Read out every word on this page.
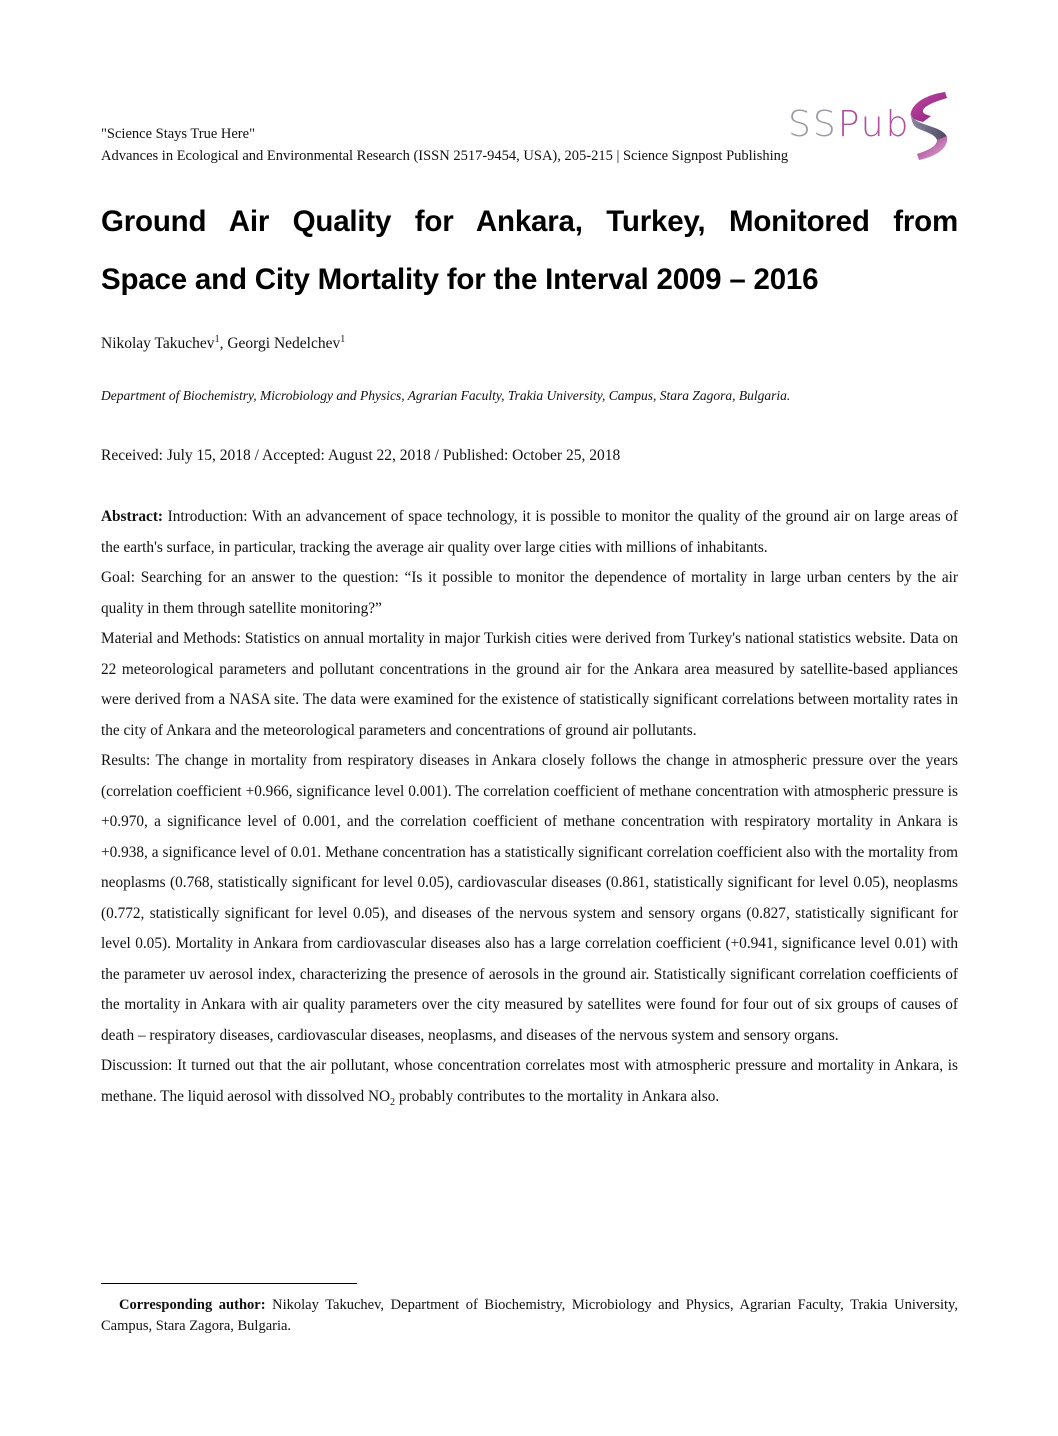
"Science Stays True Here"
Advances in Ecological and Environmental Research (ISSN 2517-9454, USA), 205-215 | Science Signpost Publishing
SSPub
Ground Air Quality for Ankara, Turkey, Monitored from
Space and City Mortality for the Interval 2009 – 2016
Nikolay Takuchev$^1$, Georgi Nedelchev$^1$
Department of Biochemistry, Microbiology and Physics, Agrarian Faculty, Trakia University, Campus, Stara Zagora, Bulgaria.
Received: July 15, 2018 / Accepted: August 22, 2018 / Published: October 25, 2018

Abstract: Introduction: With an advancement of space technology, it is possible to monitor the quality of the ground air on large areas of the earth's surface, in particular, tracking the average air quality over large cities with millions of inhabitants.

Goal: Searching for an answer to the question: “Is it possible to monitor the dependence of mortality in large urban centers by the air quality in them through satellite monitoring?”

Material and Methods: Statistics on annual mortality in major Turkish cities were derived from Turkey's national statistics website. Data on 22 meteorological parameters and pollutant concentrations in the ground air for the Ankara area measured by satellite-based appliances were derived from a NASA site. The data were examined for the existence of statistically significant correlations between mortality rates in the city of Ankara and the meteorological parameters and concentrations of ground air pollutants.

Results: The change in mortality from respiratory diseases in Ankara closely follows the change in atmospheric pressure over the years (correlation coefficient +0.966, significance level 0.001). The correlation coefficient of methane concentration with atmospheric pressure is +0.970, a significance level of 0.001, and the correlation coefficient of methane concentration with respiratory mortality in Ankara is +0.938, a significance level of 0.01. Methane concentration has a statistically significant correlation coefficient also with the mortality from neoplasms (0.768, statistically significant for level 0.05), cardiovascular diseases (0.861, statistically significant for level 0.05), neoplasms (0.772, statistically significant for level 0.05), and diseases of the nervous system and sensory organs (0.827, statistically significant for level 0.05). Mortality in Ankara from cardiovascular diseases also has a large correlation coefficient (+0.941, significance level 0.01) with the parameter uv aerosol index, characterizing the presence of aerosols in the ground air. Statistically significant correlation coefficients of the mortality in Ankara with air quality parameters over the city measured by satellites were found for four out of six groups of causes of death – respiratory diseases, cardiovascular diseases, neoplasms, and diseases of the nervous system and sensory organs.

Discussion: It turned out that the air pollutant, whose concentration correlates most with atmospheric pressure and mortality in Ankara, is methane. The liquid aerosol with dissolved $NO_2$ probably contributes to the mortality in Ankara also.

Corresponding author: Nikolay Takuchev, Department of Biochemistry, Microbiology and Physics, Agrarian Faculty, Trakia University, Campus, Stara Zagora, Bulgaria.
